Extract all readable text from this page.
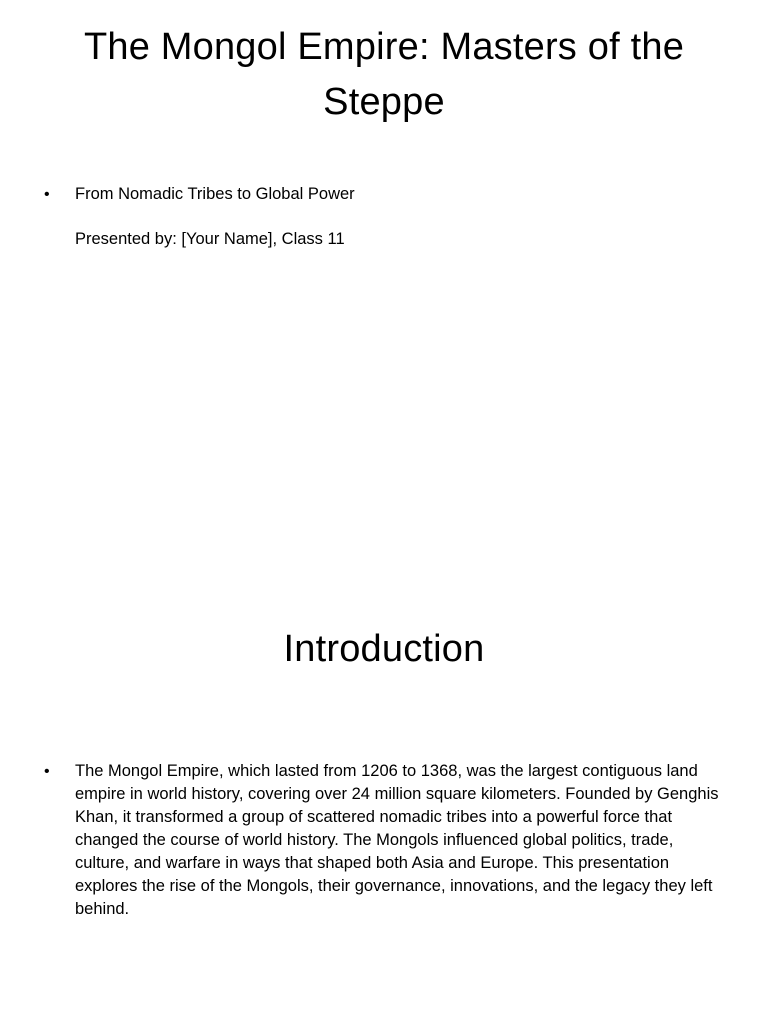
The Mongol Empire: Masters of the Steppe
• From Nomadic Tribes to Global Power
Presented by: [Your Name], Class 11
Introduction
• The Mongol Empire, which lasted from 1206 to 1368, was the largest contiguous land empire in world history, covering over 24 million square kilometers. Founded by Genghis Khan, it transformed a group of scattered nomadic tribes into a powerful force that changed the course of world history. The Mongols influenced global politics, trade, culture, and warfare in ways that shaped both Asia and Europe. This presentation explores the rise of the Mongols, their governance, innovations, and the legacy they left behind.
